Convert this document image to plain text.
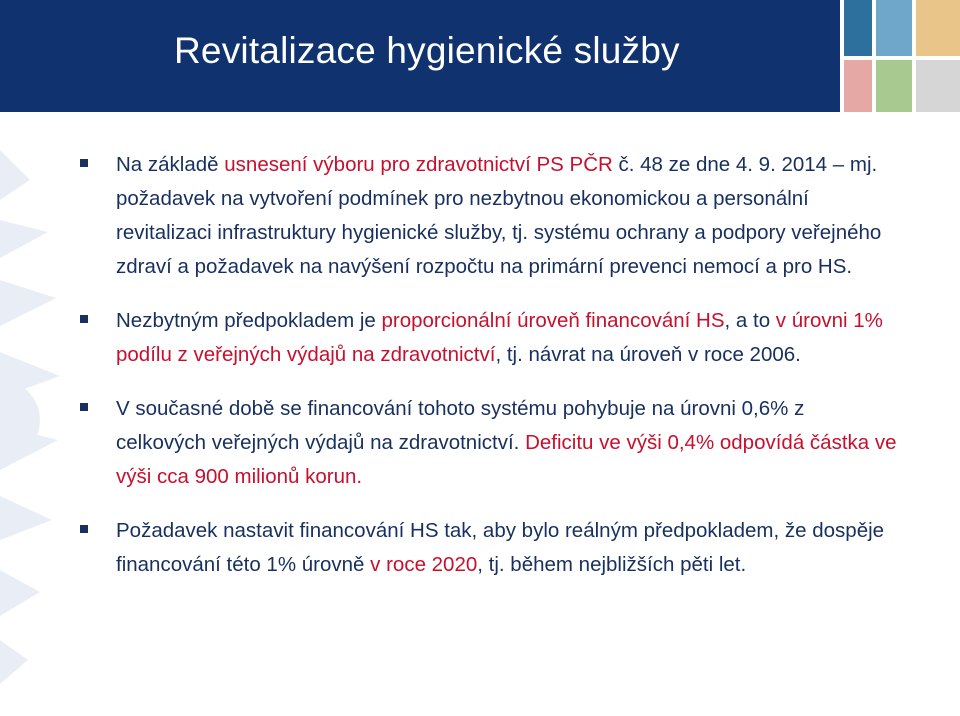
Revitalizace hygienické služby
Na základě usnesení výboru pro zdravotnictví PS PČR č. 48 ze dne 4. 9. 2014 – mj. požadavek na vytvoření podmínek pro nezbytnou ekonomickou a personální revitalizaci infrastruktury hygienické služby, tj. systému ochrany a podpory veřejného zdraví a požadavek na navýšení rozpočtu na primární prevenci nemocí a pro HS.
Nezbytným předpokladem je proporcionální úroveň financování HS, a to v úrovni 1% podílu z veřejných výdajů na zdravotnictví, tj. návrat na úroveň v roce 2006.
V současné době se financování tohoto systému pohybuje na úrovni 0,6% z celkových veřejných výdajů na zdravotnictví. Deficitu ve výši 0,4% odpovídá částka ve výši cca 900 milionů korun.
Požadavek nastavit financování HS tak, aby bylo reálným předpokladem, že dospěje financování této 1% úrovně v roce 2020, tj. během nejbližších pěti let.
